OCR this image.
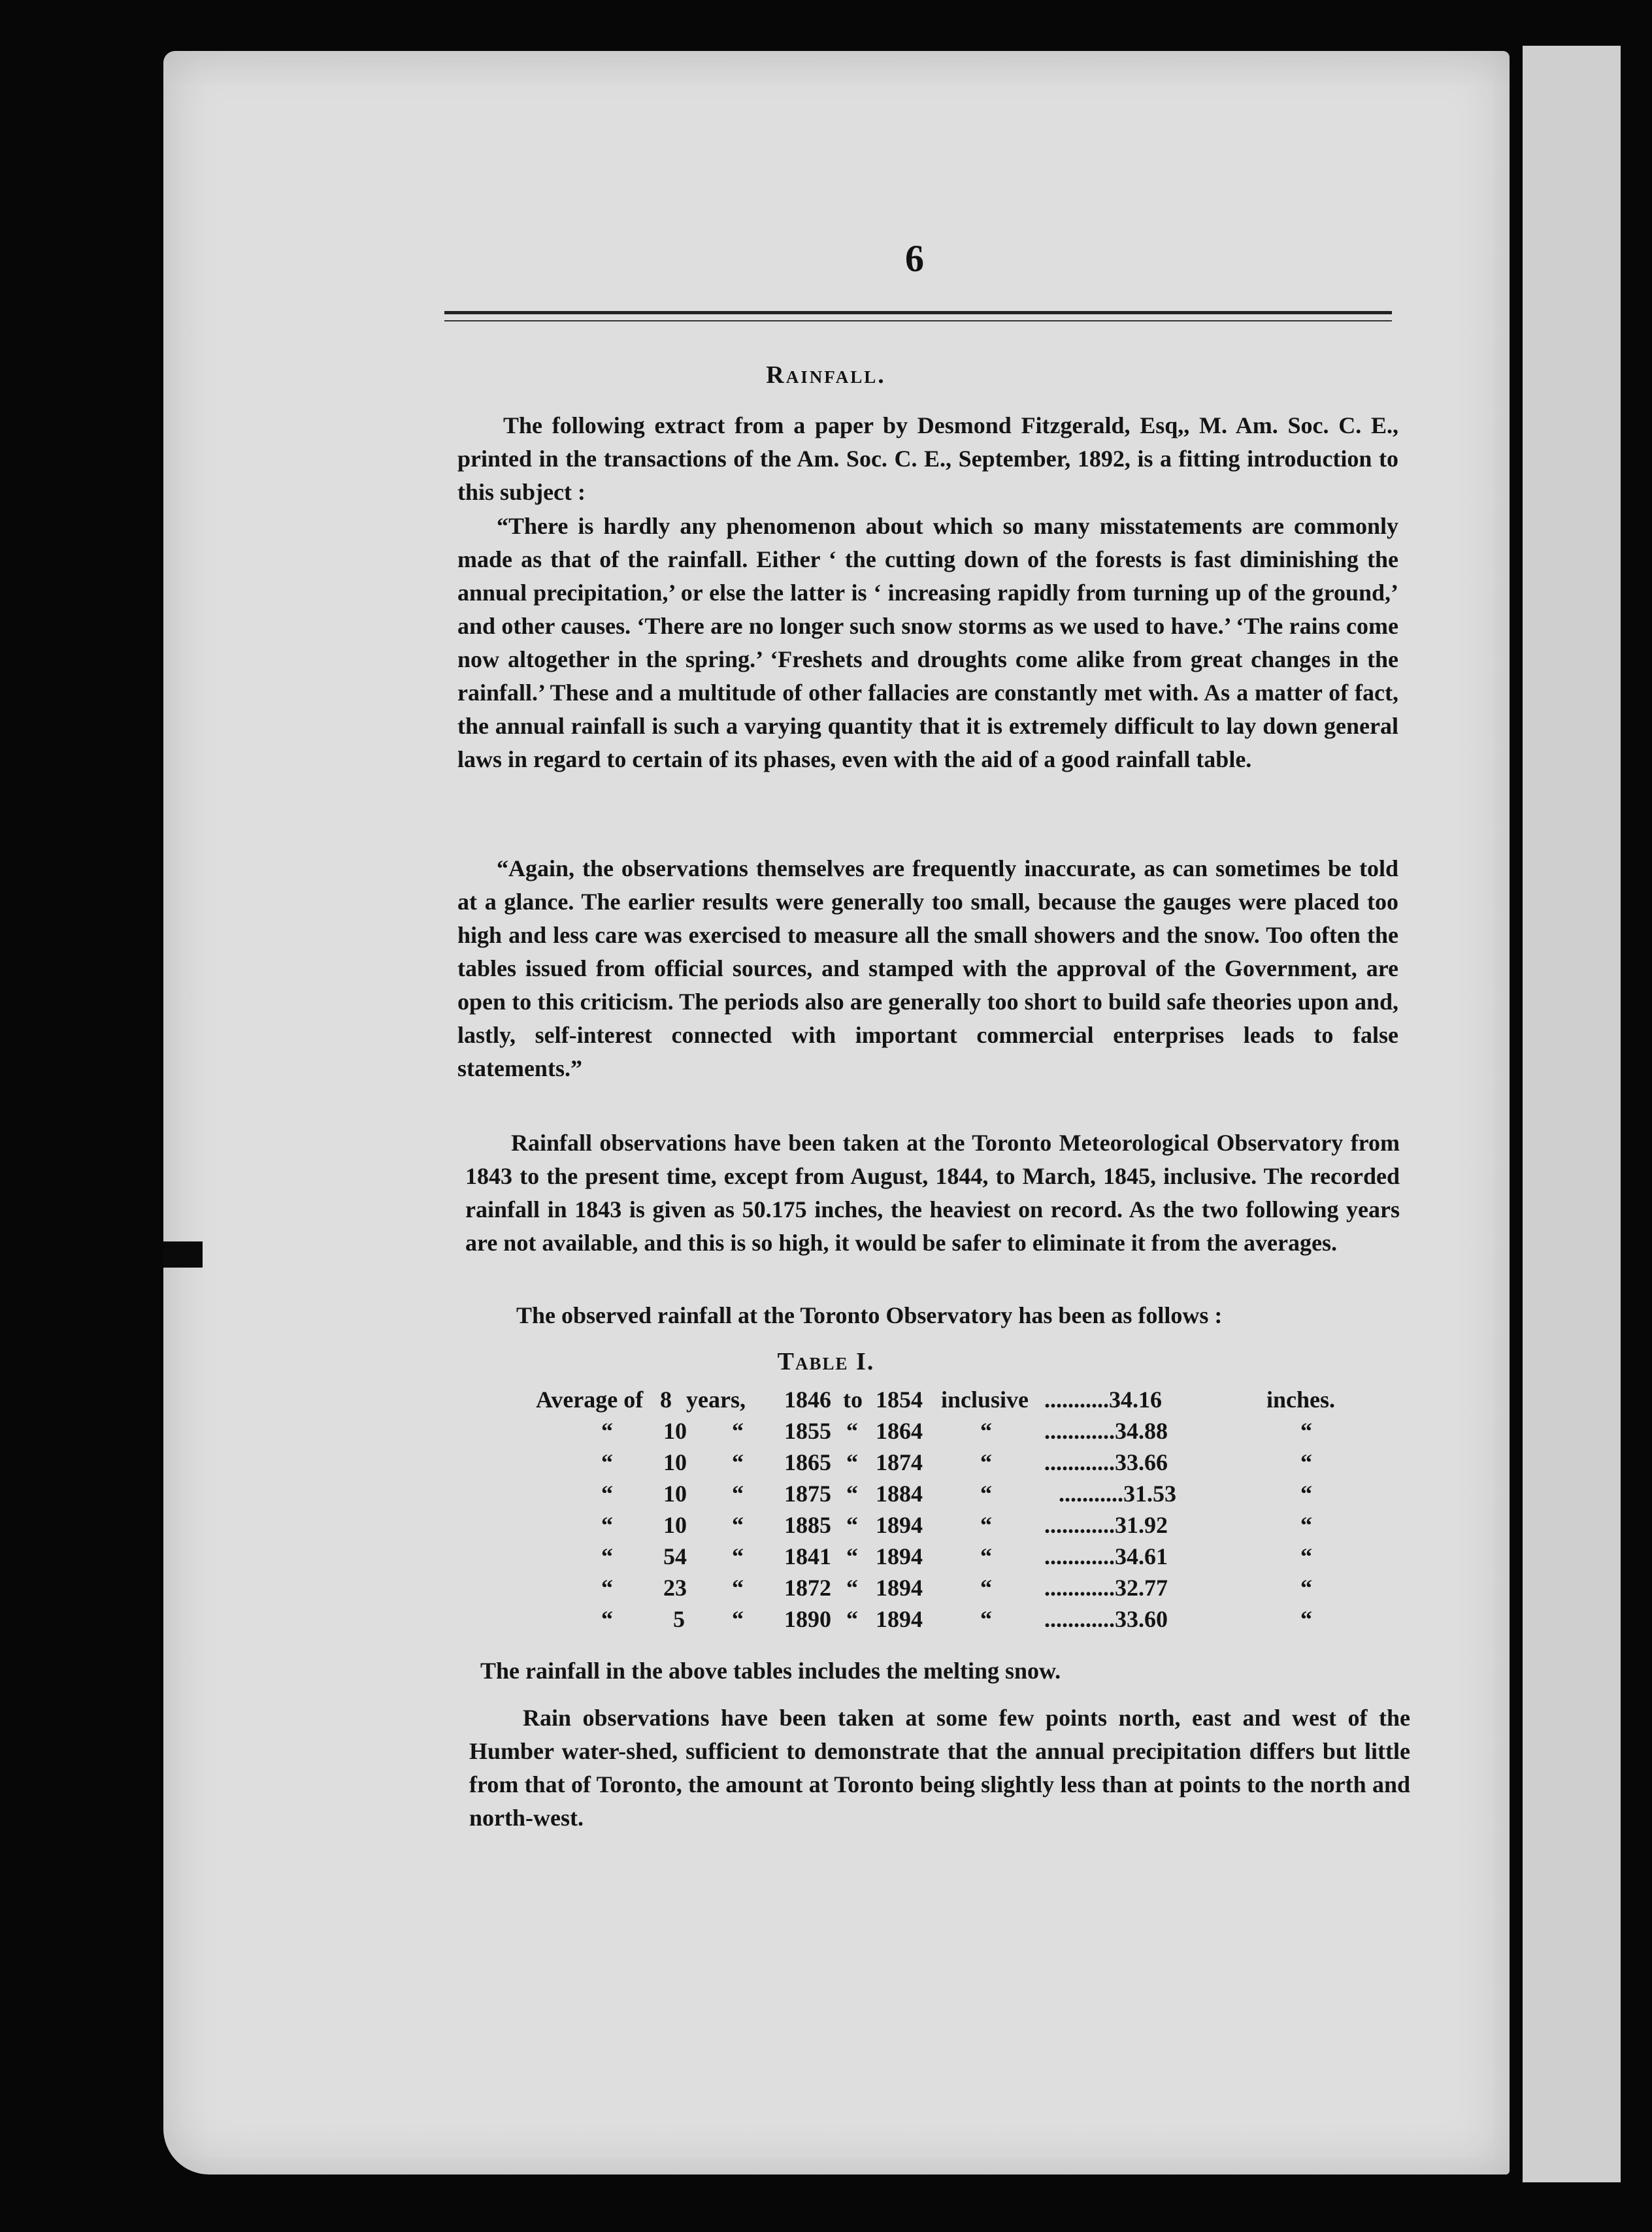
6
Rainfall.
The following extract from a paper by Desmond Fitzgerald, Esq,, M. Am. Soc. C. E., printed in the transactions of the Am. Soc. C. E., September, 1892, is a fitting introduction to this subject :
“There is hardly any phenomenon about which so many misstatements are commonly made as that of the rainfall. Either ‘ the cutting down of the forests is fast diminishing the annual precipitation,’ or else the latter is ‘ increasing rapidly from turning up of the ground,’ and other causes. ‘There are no longer such snow storms as we used to have.’ ‘The rains come now altogether in the spring.’ ‘Freshets and droughts come alike from great changes in the rainfall.’ These and a multitude of other fallacies are constantly met with. As a matter of fact, the annual rainfall is such a varying quantity that it is extremely difficult to lay down general laws in regard to certain of its phases, even with the aid of a good rainfall table.
“Again, the observations themselves are frequently inaccurate, as can sometimes be told at a glance. The earlier results were generally too small, because the gauges were placed too high and less care was exercised to measure all the small showers and the snow. Too often the tables issued from official sources, and stamped with the approval of the Government, are open to this criticism. The periods also are generally too short to build safe theories upon and, lastly, self-interest connected with important commercial enterprises leads to false statements.”
Rainfall observations have been taken at the Toronto Meteorological Observatory from 1843 to the present time, except from August, 1844, to March, 1845, inclusive. The recorded rainfall in 1843 is given as 50.175 inches, the heaviest on record. As the two following years are not available, and this is so high, it would be safer to eliminate it from the averages.
The observed rainfall at the Toronto Observatory has been as follows :
Table I.
Average of 8 years, 1846 to 1854 inclusive ...........34.16	inches.
“ 10 “ 1855 “ 1864 “ ............34.88	“
“ 10 “ 1865 “ 1874 “ ............33.66	“
“ 10 “ 1875 “ 1884 “	...........31.53	“
“ 10 “ 1885 “ 1894 “ ............31.92	“
“ 54 “ 1841 “ 1894 “ ............34.61	“
“ 23 “ 1872 “ 1894 “ ............32.77	“
“	5 “ 1890 “ 1894 “ ............33.60	“
The rainfall in the above tables includes the melting snow.
Rain observations have been taken at some few points north, east and west of the Humber water-shed, sufficient to demonstrate that the annual precipitation differs but little from that of Toronto, the amount at Toronto being slightly less than at points to the north and north-west.
